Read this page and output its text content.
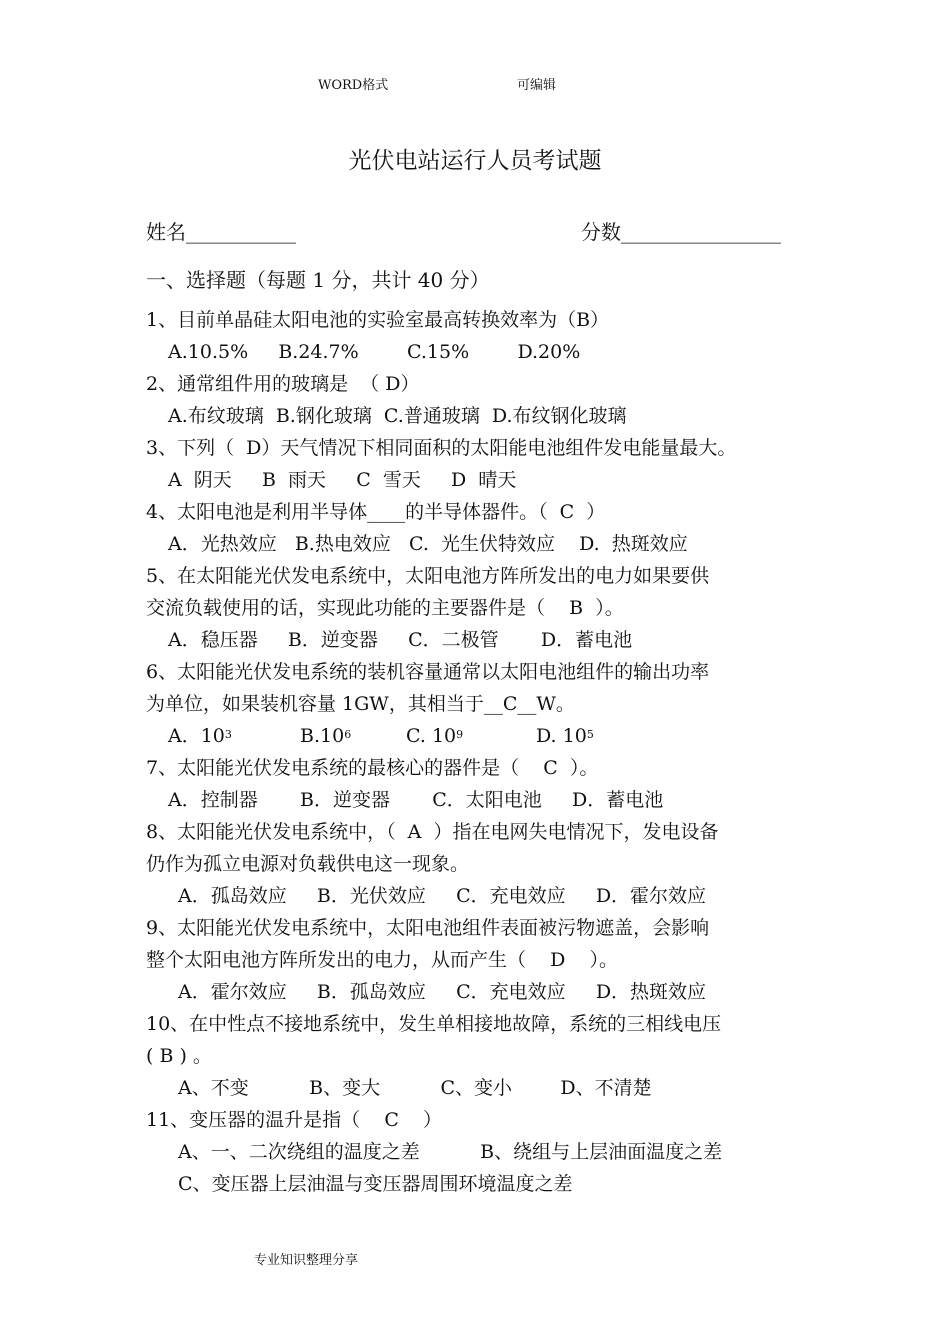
WORD格式	可编辑
光伏电站运行人员考试题
姓名___________	分数________________
一、选择题（每题 1 分，共计 40 分）
1、目前单晶硅太阳电池的实验室最高转换效率为（B）
A.10.5%     B.24.7%        C.15%        D.20%
2、通常组件用的玻璃是  （ D）
A.布纹玻璃  B.钢化玻璃  C.普通玻璃  D.布纹钢化玻璃
3、下列（  D）天气情况下相同面积的太阳能电池组件发电能量最大。
A  阴天     B  雨天     C  雪天     D  晴天
4、太阳电池是利用半导体____的半导体器件。（  C  ）
A．光热效应   B.热电效应   C.  光生伏特效应    D.  热斑效应
5、在太阳能光伏发电系统中，太阳电池方阵所发出的电力如果要供
交流负载使用的话，实现此功能的主要器件是（    B  ）。
A．稳压器     B．逆变器     C．二极管       D．蓄电池
6、太阳能光伏发电系统的装机容量通常以太阳电池组件的输出功率
为单位，如果装机容量 1GW，其相当于__C__W。
7、太阳能光伏发电系统的最核心的器件是（    C  ）。
A．控制器       B．逆变器       C．太阳电池     D．蓄电池
8、太阳能光伏发电系统中，（  A  ）指在电网失电情况下，发电设备
仍作为孤立电源对负载供电这一现象。
A．孤岛效应     B．光伏效应     C．充电效应     D．霍尔效应
9、太阳能光伏发电系统中，太阳电池组件表面被污物遮盖，会影响
整个太阳电池方阵所发出的电力，从而产生（    D    ）。
A．霍尔效应     B．孤岛效应     C．充电效应     D．热斑效应
10、在中性点不接地系统中，发生单相接地故障，系统的三相线电压
( B ) 。
A、不变          B、变大          C、变小        D、不清楚
11、变压器的温升是指（    C    ）
A、一、二次绕组的温度之差          B、绕组与上层油面温度之差
C、变压器上层油温与变压器周围环境温度之差
A．$10^3$	$B.10^6$	C. $10^9$	D. $10^5$
专业知识整理分享
